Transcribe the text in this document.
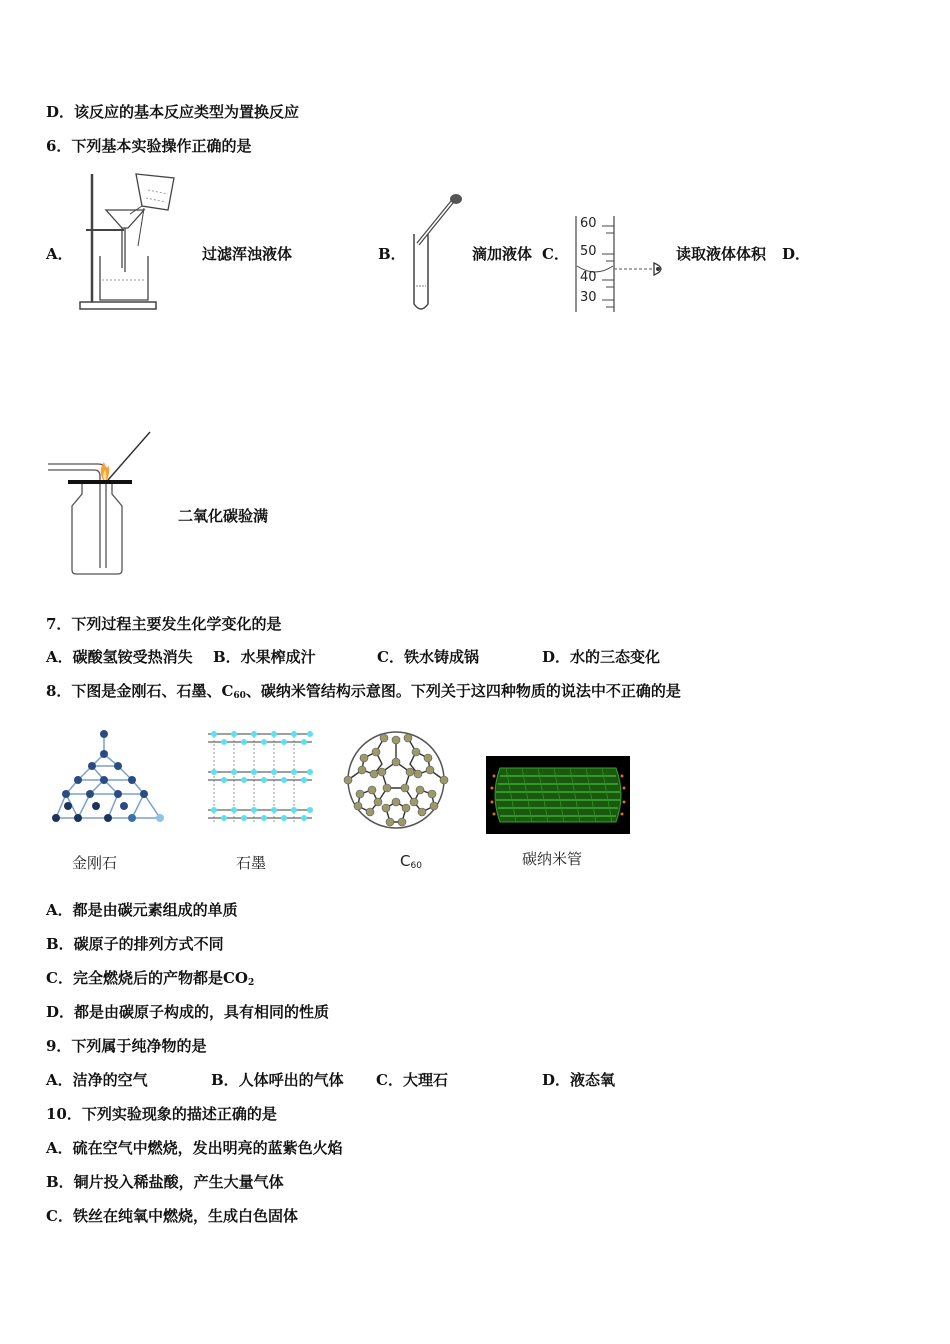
D．该反应的基本反应类型为置换反应
6．下列基本实验操作正确的是
A．	过滤浑浊液体	B．	滴加液体 C．
60
50
40
30
读取液体体积 D．
二氧化碳验满
7．下列过程主要发生化学变化的是
A．碳酸氢铵受热消失 B．水果榨成汁	C．铁水铸成锅	D．水的三态变化
8．下图是金刚石、石墨、$C_{60}$、碳纳米管结构示意图。下列关于这四种物质的说法中不正确的是
金刚石	石墨	$C_{60}$	碳纳米管
A．都是由碳元素组成的单质
B．碳原子的排列方式不同
C．完全燃烧后的产物都是$CO_2$
D．都是由碳原子构成的，具有相同的性质
9．下列属于纯净物的是
A．洁净的空气	B．人体呼出的气体 C．大理石	D．液态氧
10．下列实验现象的描述正确的是
A．硫在空气中燃烧，发出明亮的蓝紫色火焰
B．铜片投入稀盐酸，产生大量气体
C．铁丝在纯氧中燃烧，生成白色固体
